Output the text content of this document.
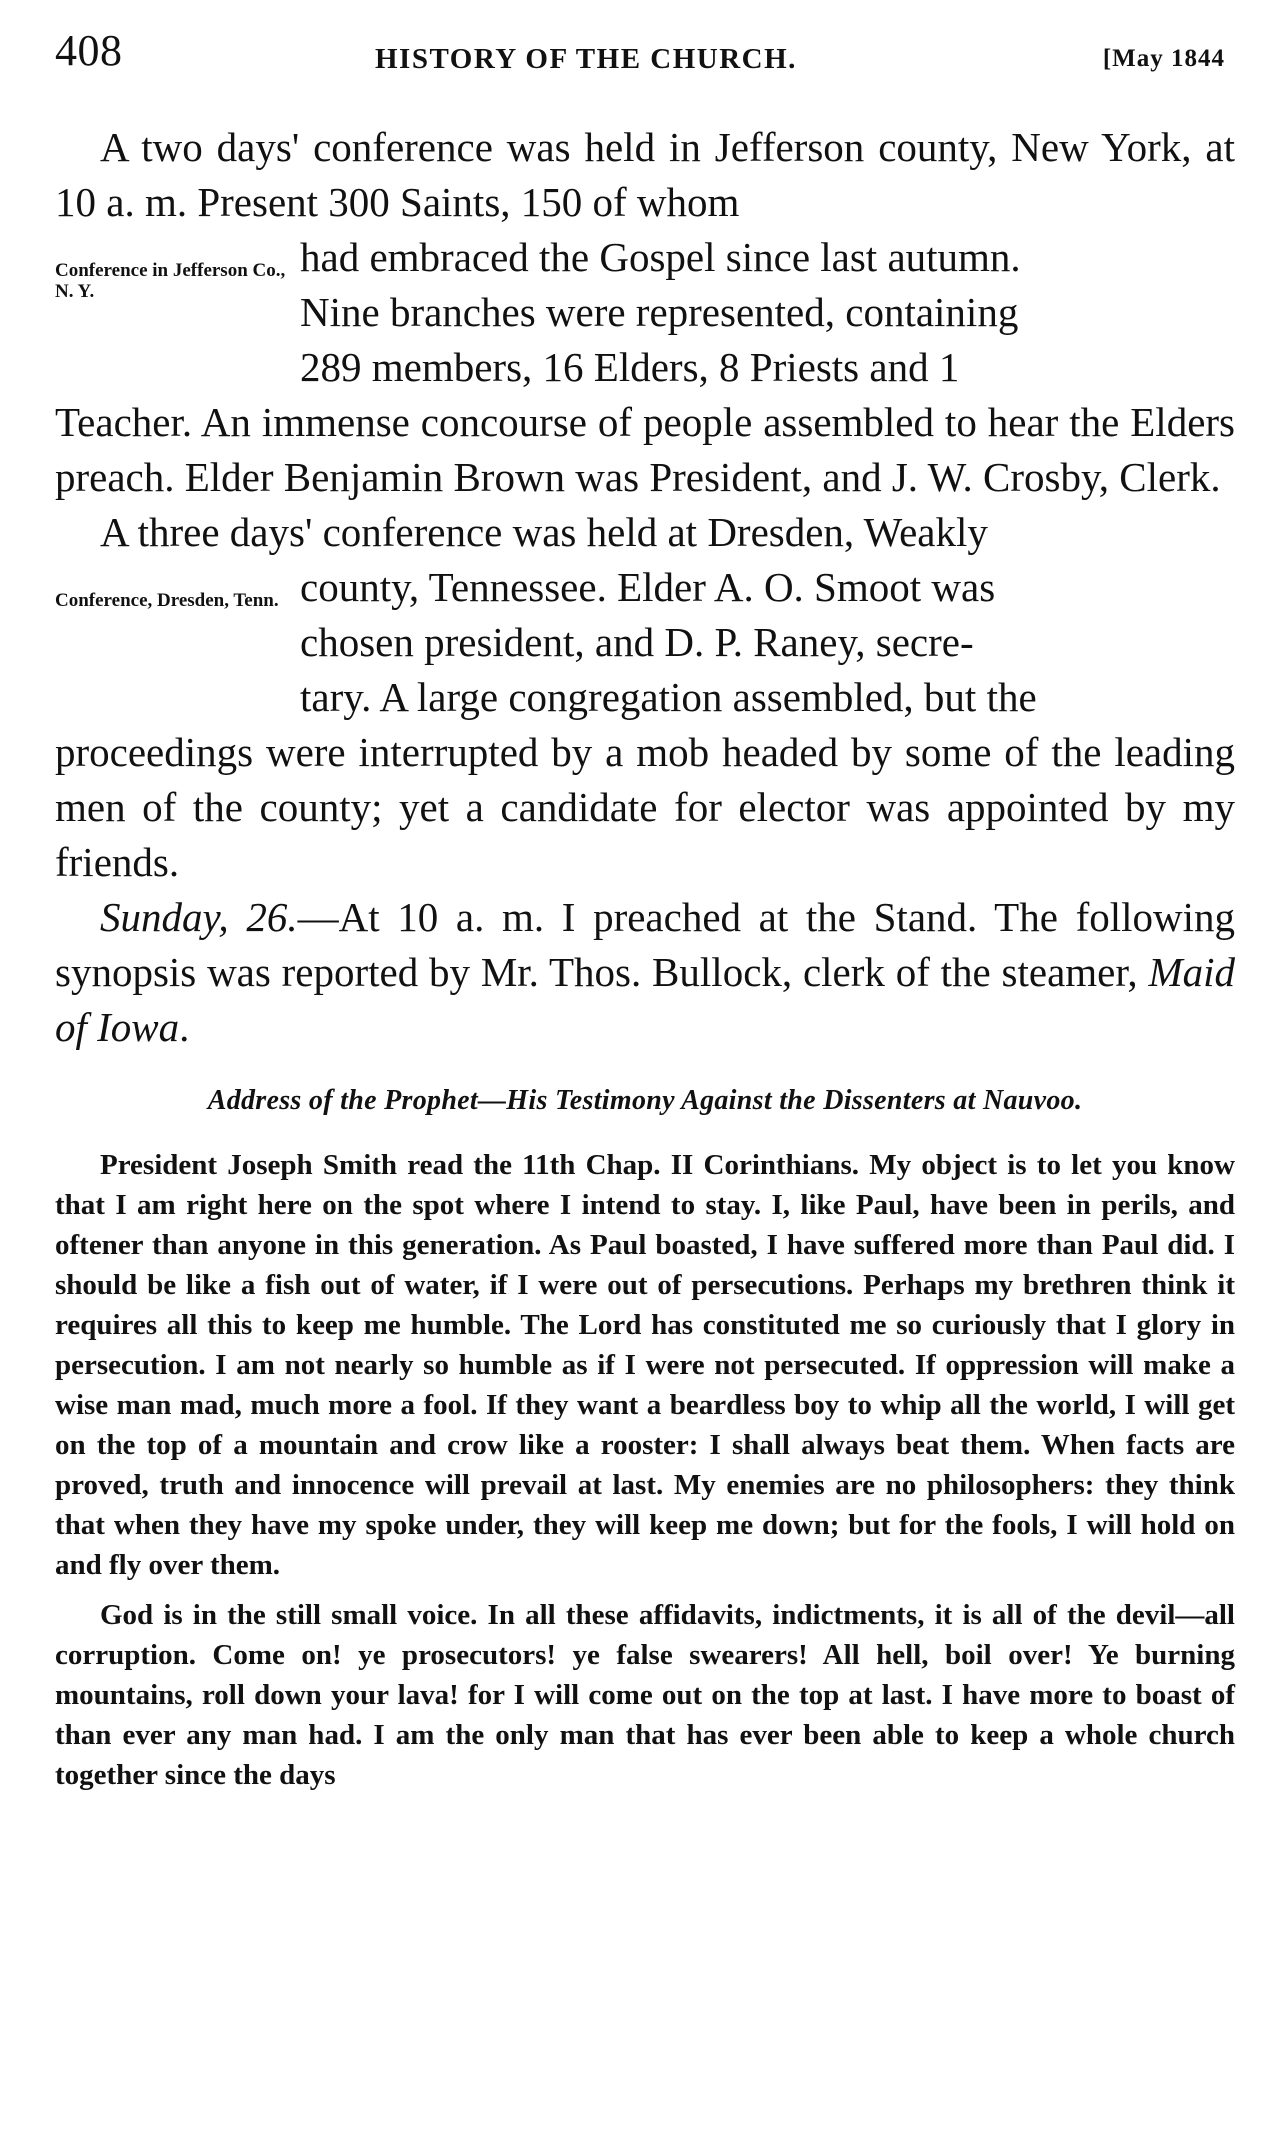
408	HISTORY OF THE CHURCH.	[May 1844

A two days' conference was held in Jefferson county, New York, at 10 a. m. Present 300 Saints, 150 of whom

Conference in Jefferson Co., N. Y.
had embraced the Gospel since last autumn.
Nine branches were represented, containing
289 members, 16 Elders, 8 Priests and 1

Teacher. An immense concourse of people assembled to hear the Elders preach. Elder Benjamin Brown was President, and J. W. Crosby, Clerk.

A three days' conference was held at Dresden, Weakly

Conference, Dresden, Tenn. county, Tennessee. Elder A. O. Smoot was
chosen president, and D. P. Raney, secre-
tary. A large congregation assembled, but the

proceedings were interrupted by a mob headed by some of the leading men of the county; yet a candidate for elector was appointed by my friends.

Sunday, 26.—At 10 a. m. I preached at the Stand. The following synopsis was reported by Mr. Thos. Bullock, clerk of the steamer, Maid of Iowa.

Address of the Prophet—His Testimony Against the Dissenters at Nauvoo.

President Joseph Smith read the 11th Chap. II Corinthians. My object is to let you know that I am right here on the spot where I intend to stay. I, like Paul, have been in perils, and oftener than anyone in this generation. As Paul boasted, I have suffered more than Paul did. I should be like a fish out of water, if I were out of persecutions. Perhaps my brethren think it requires all this to keep me humble. The Lord has constituted me so curiously that I glory in persecution. I am not nearly so humble as if I were not persecuted. If oppression will make a wise man mad, much more a fool. If they want a beardless boy to whip all the world, I will get on the top of a mountain and crow like a rooster: I shall always beat them. When facts are proved, truth and innocence will prevail at last. My enemies are no philosophers: they think that when they have my spoke under, they will keep me down; but for the fools, I will hold on and fly over them.

God is in the still small voice. In all these affidavits, indictments, it is all of the devil—all corruption. Come on! ye prosecutors! ye false swearers! All hell, boil over! Ye burning mountains, roll down your lava! for I will come out on the top at last. I have more to boast of than ever any man had. I am the only man that has ever been able to keep a whole church together since the days
